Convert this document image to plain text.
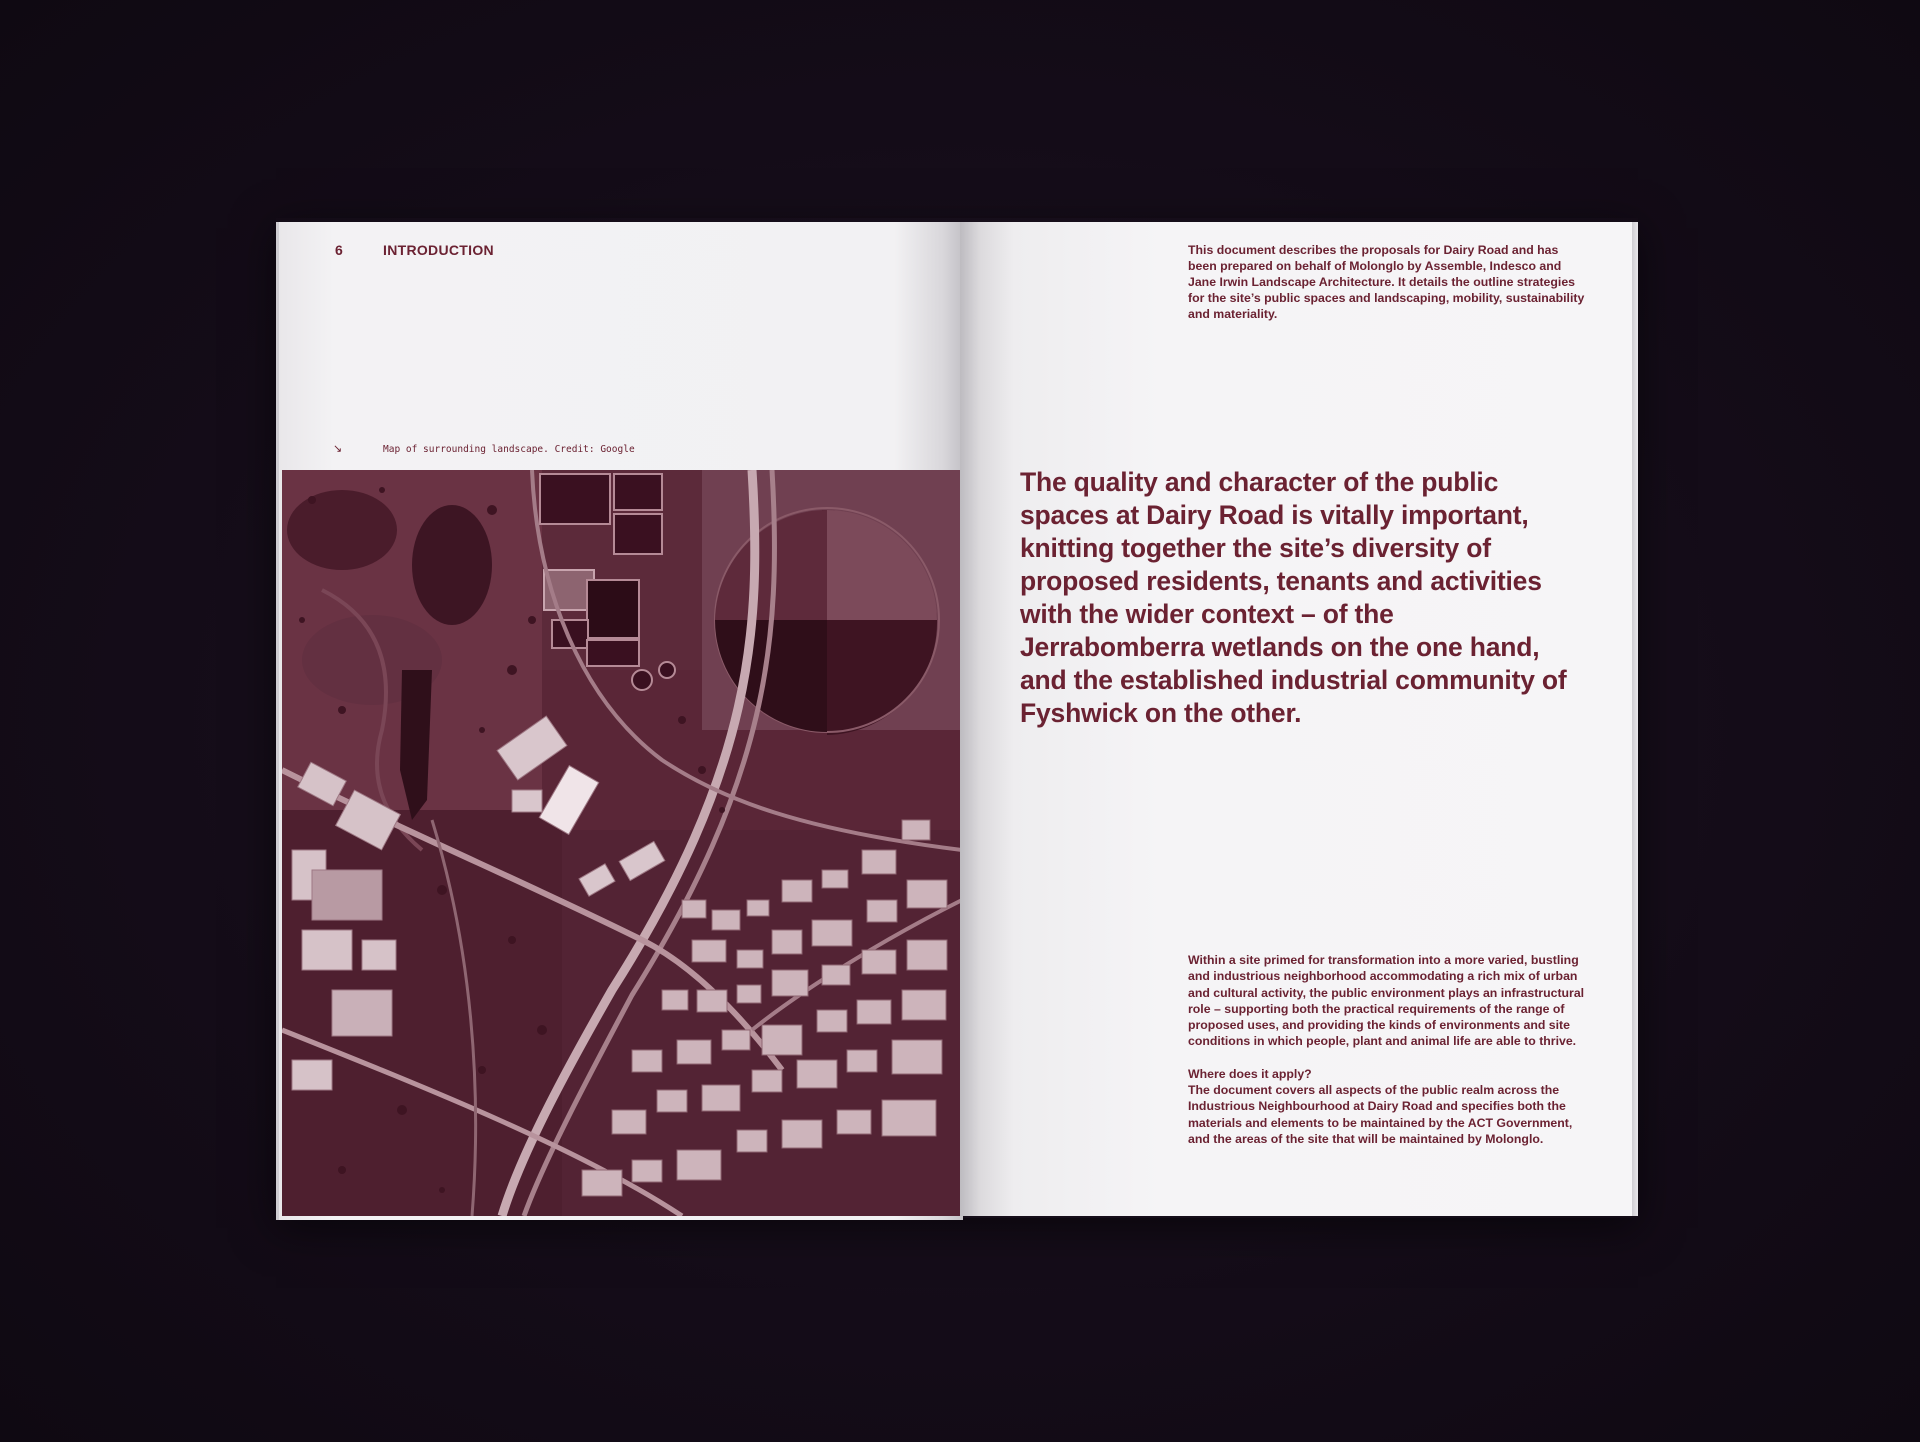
6	INTRODUCTION
↘	Map of surrounding landscape. Credit: Google
This document describes the proposals for Dairy Road and has been prepared on behalf of Molonglo by Assemble, Indesco and Jane Irwin Landscape Architecture. It details the outline strategies for the site’s public spaces and landscaping, mobility, sustainability and materiality.
The quality and character of the public spaces at Dairy Road is vitally important, knitting together the site’s diversity of proposed residents, tenants and activities with the wider context – of the Jerrabomberra wetlands on the one hand, and the established industrial community of Fyshwick on the other.

Within a site primed for transformation into a more varied, bustling and industrious neighborhood accommodating a rich mix of urban and cultural activity, the public environment plays an infrastructural role – supporting both the practical requirements of the range of proposed uses, and providing the kinds of environments and site conditions in which people, plant and animal life are able to thrive.

Where does it apply?

The document covers all aspects of the public realm across the Industrious Neighbourhood at Dairy Road and specifies both the materials and elements to be maintained by the ACT Government, and the areas of the site that will be maintained by Molonglo.
